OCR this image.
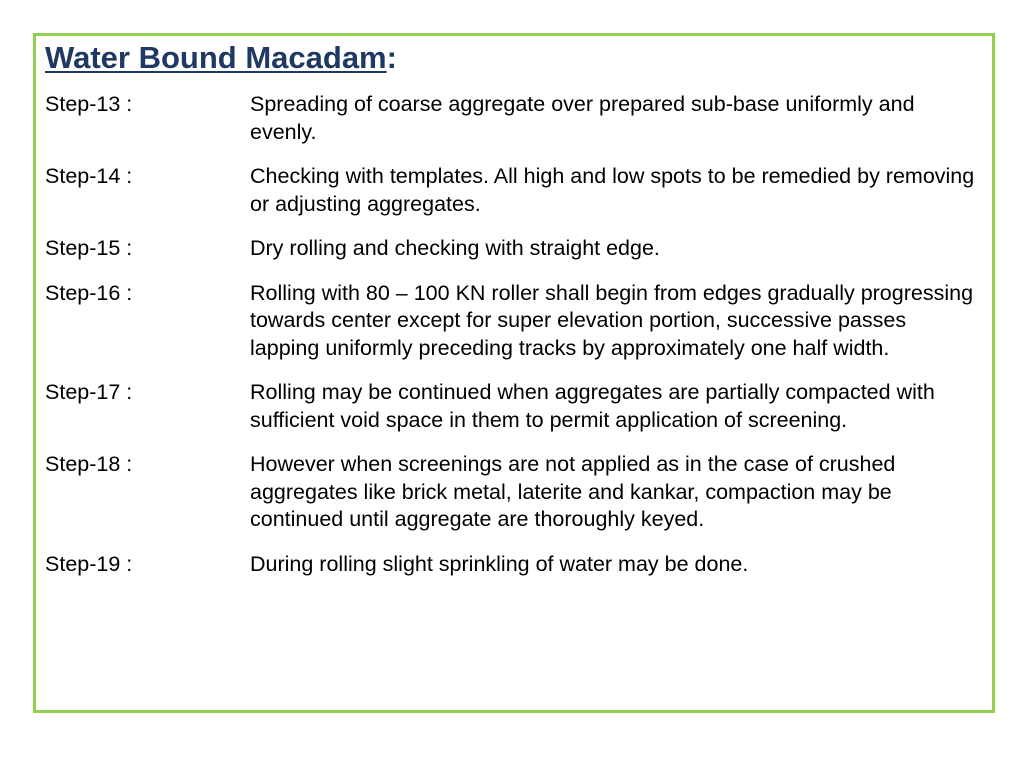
Water Bound Macadam:
Step-13 :	Spreading of coarse aggregate over prepared sub-base uniformly and evenly.
Step-14 :	Checking with templates. All high and low spots to be remedied by removing or adjusting aggregates.
Step-15 :	Dry rolling and checking with straight edge.
Step-16 :	Rolling with 80 – 100 KN roller shall begin from edges gradually progressing towards center except for super elevation portion, successive passes lapping uniformly preceding tracks by approximately one half width.
Step-17 :	Rolling may be continued when aggregates are partially compacted with sufficient void space in them to permit application of screening.
Step-18 :	However when screenings are not applied as in the case of crushed aggregates like brick metal, laterite and kankar, compaction may be continued until aggregate are thoroughly keyed.
Step-19 :	During rolling slight sprinkling of water may be done.
